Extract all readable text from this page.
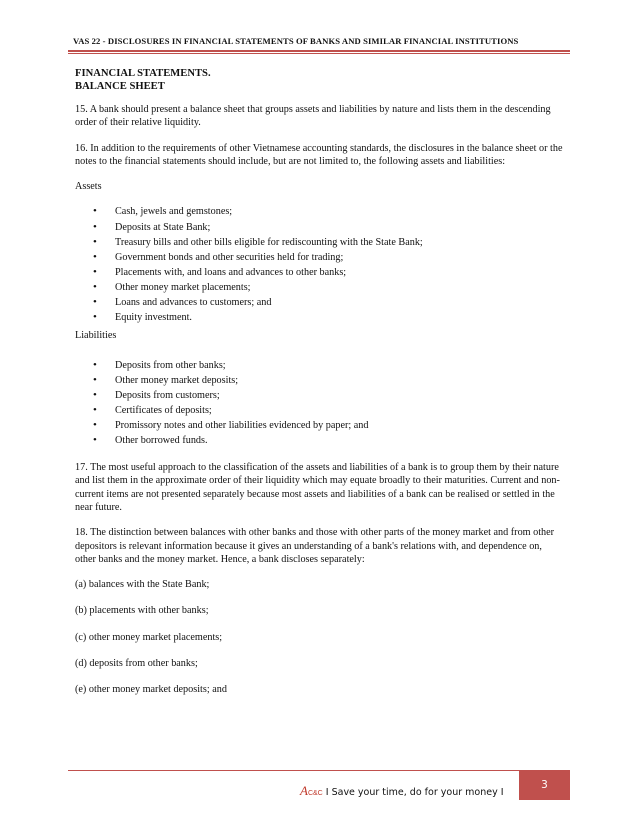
VAS 22 - DISCLOSURES IN FINANCIAL STATEMENTS OF BANKS AND SIMILAR FINANCIAL INSTITUTIONS
FINANCIAL STATEMENTS.
BALANCE SHEET

15. A bank should present a balance sheet that groups assets and liabilities by nature and lists them in the descending order of their relative liquidity.

16. In addition to the requirements of other Vietnamese accounting standards, the disclosures in the balance sheet or the notes to the financial statements should include, but are not limited to, the following assets and liabilities:

Assets
• Cash, jewels and gemstones;
• Deposits at State Bank;
• Treasury bills and other bills eligible for rediscounting with the State Bank;
• Government bonds and other securities held for trading;
• Placements with, and loans and advances to other banks;
• Other money market placements;
• Loans and advances to customers; and
• Equity investment.
Liabilities
• Deposits from other banks;
• Other money market deposits;
• Deposits from customers;
• Certificates of deposits;
• Promissory notes and other liabilities evidenced by paper; and
• Other borrowed funds.

17. The most useful approach to the classification of the assets and liabilities of a bank is to group them by their nature and list them in the approximate order of their liquidity which may equate broadly to their maturities. Current and non-current items are not presented separately because most assets and liabilities of a bank can be realised or settled in the near future.

18. The distinction between balances with other banks and those with other parts of the money market and from other depositors is relevant information because it gives an understanding of a bank's relations with, and dependence on, other banks and the money market. Hence, a bank discloses separately:

(a) balances with the State Bank;

(b) placements with other banks;

(c) other money market placements;

(d) deposits from other banks;

(e) other money market deposits; and

AC&C I Save your time, do for your money I
3
